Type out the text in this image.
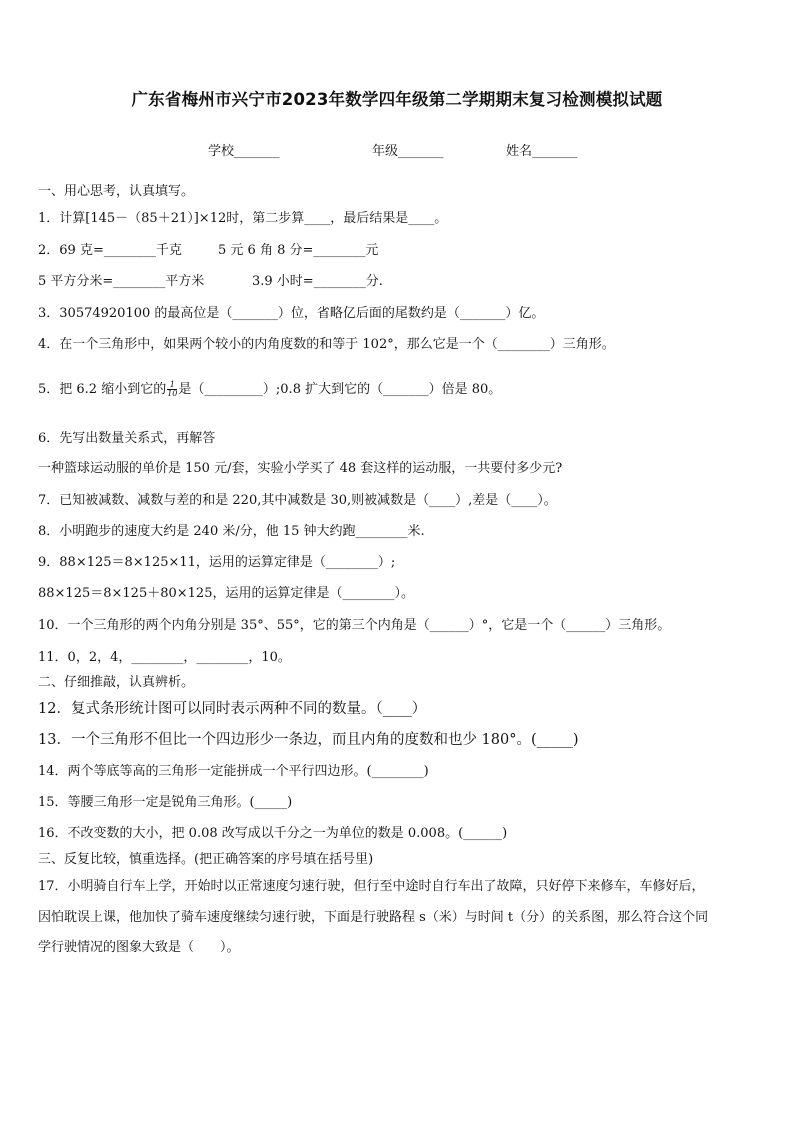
广东省梅州市兴宁市2023年数学四年级第二学期期末复习检测模拟试题
学校_______	年级_______	姓名_______
一、用心思考，认真填写。
1．计算[145－（85＋21）]×12时，第二步算____，最后结果是____。
2．69 克=________千克	5 元 6 角 8 分=________元
5 平方分米=________平方米	3.9 小时=________分.
3．30574920100 的最高位是（_______）位，省略亿后面的尾数约是（_______）亿。
4．在一个三角形中，如果两个较小的内角度数的和等于 102°，那么它是一个（________）三角形。
5．把 6.2 缩小到它的 $\frac{1}{10}$ 是（_________）;0.8 扩大到它的（_______）倍是 80。
6．先写出数量关系式，再解答
一种篮球运动服的单价是 150 元/套，实验小学买了 48 套这样的运动服，一共要付多少元?
7．已知被减数、减数与差的和是 220,其中减数是 30,则被减数是（____）,差是（____）。
8．小明跑步的速度大约是 240 米/分，他 15 钟大约跑________米.
9．88×125＝8×125×11，运用的运算定律是（________）;
88×125＝8×125＋80×125，运用的运算定律是（________）。
10．一个三角形的两个内角分别是 35°、55°，它的第三个内角是（______）°，它是一个（______）三角形。
11．0，2，4，________，________，10。
二、仔细推敲，认真辨析。
12．复式条形统计图可以同时表示两种不同的数量。（____）
13．一个三角形不但比一个四边形少一条边，而且内角的度数和也少 180°。(_____)
14．两个等底等高的三角形一定能拼成一个平行四边形。(________)
15．等腰三角形一定是锐角三角形。(_____)
16．不改变数的大小，把 0.08 改写成以千分之一为单位的数是 0.008。(______)
三、反复比较，慎重选择。(把正确答案的序号填在括号里)
17．小明骑自行车上学，开始时以正常速度匀速行驶，但行至中途时自行车出了故障，只好停下来修车，车修好后，
因怕耽误上课，他加快了骑车速度继续匀速行驶，下面是行驶路程 s（米）与时间 t（分）的关系图，那么符合这个同
学行驶情况的图象大致是（　　）。
